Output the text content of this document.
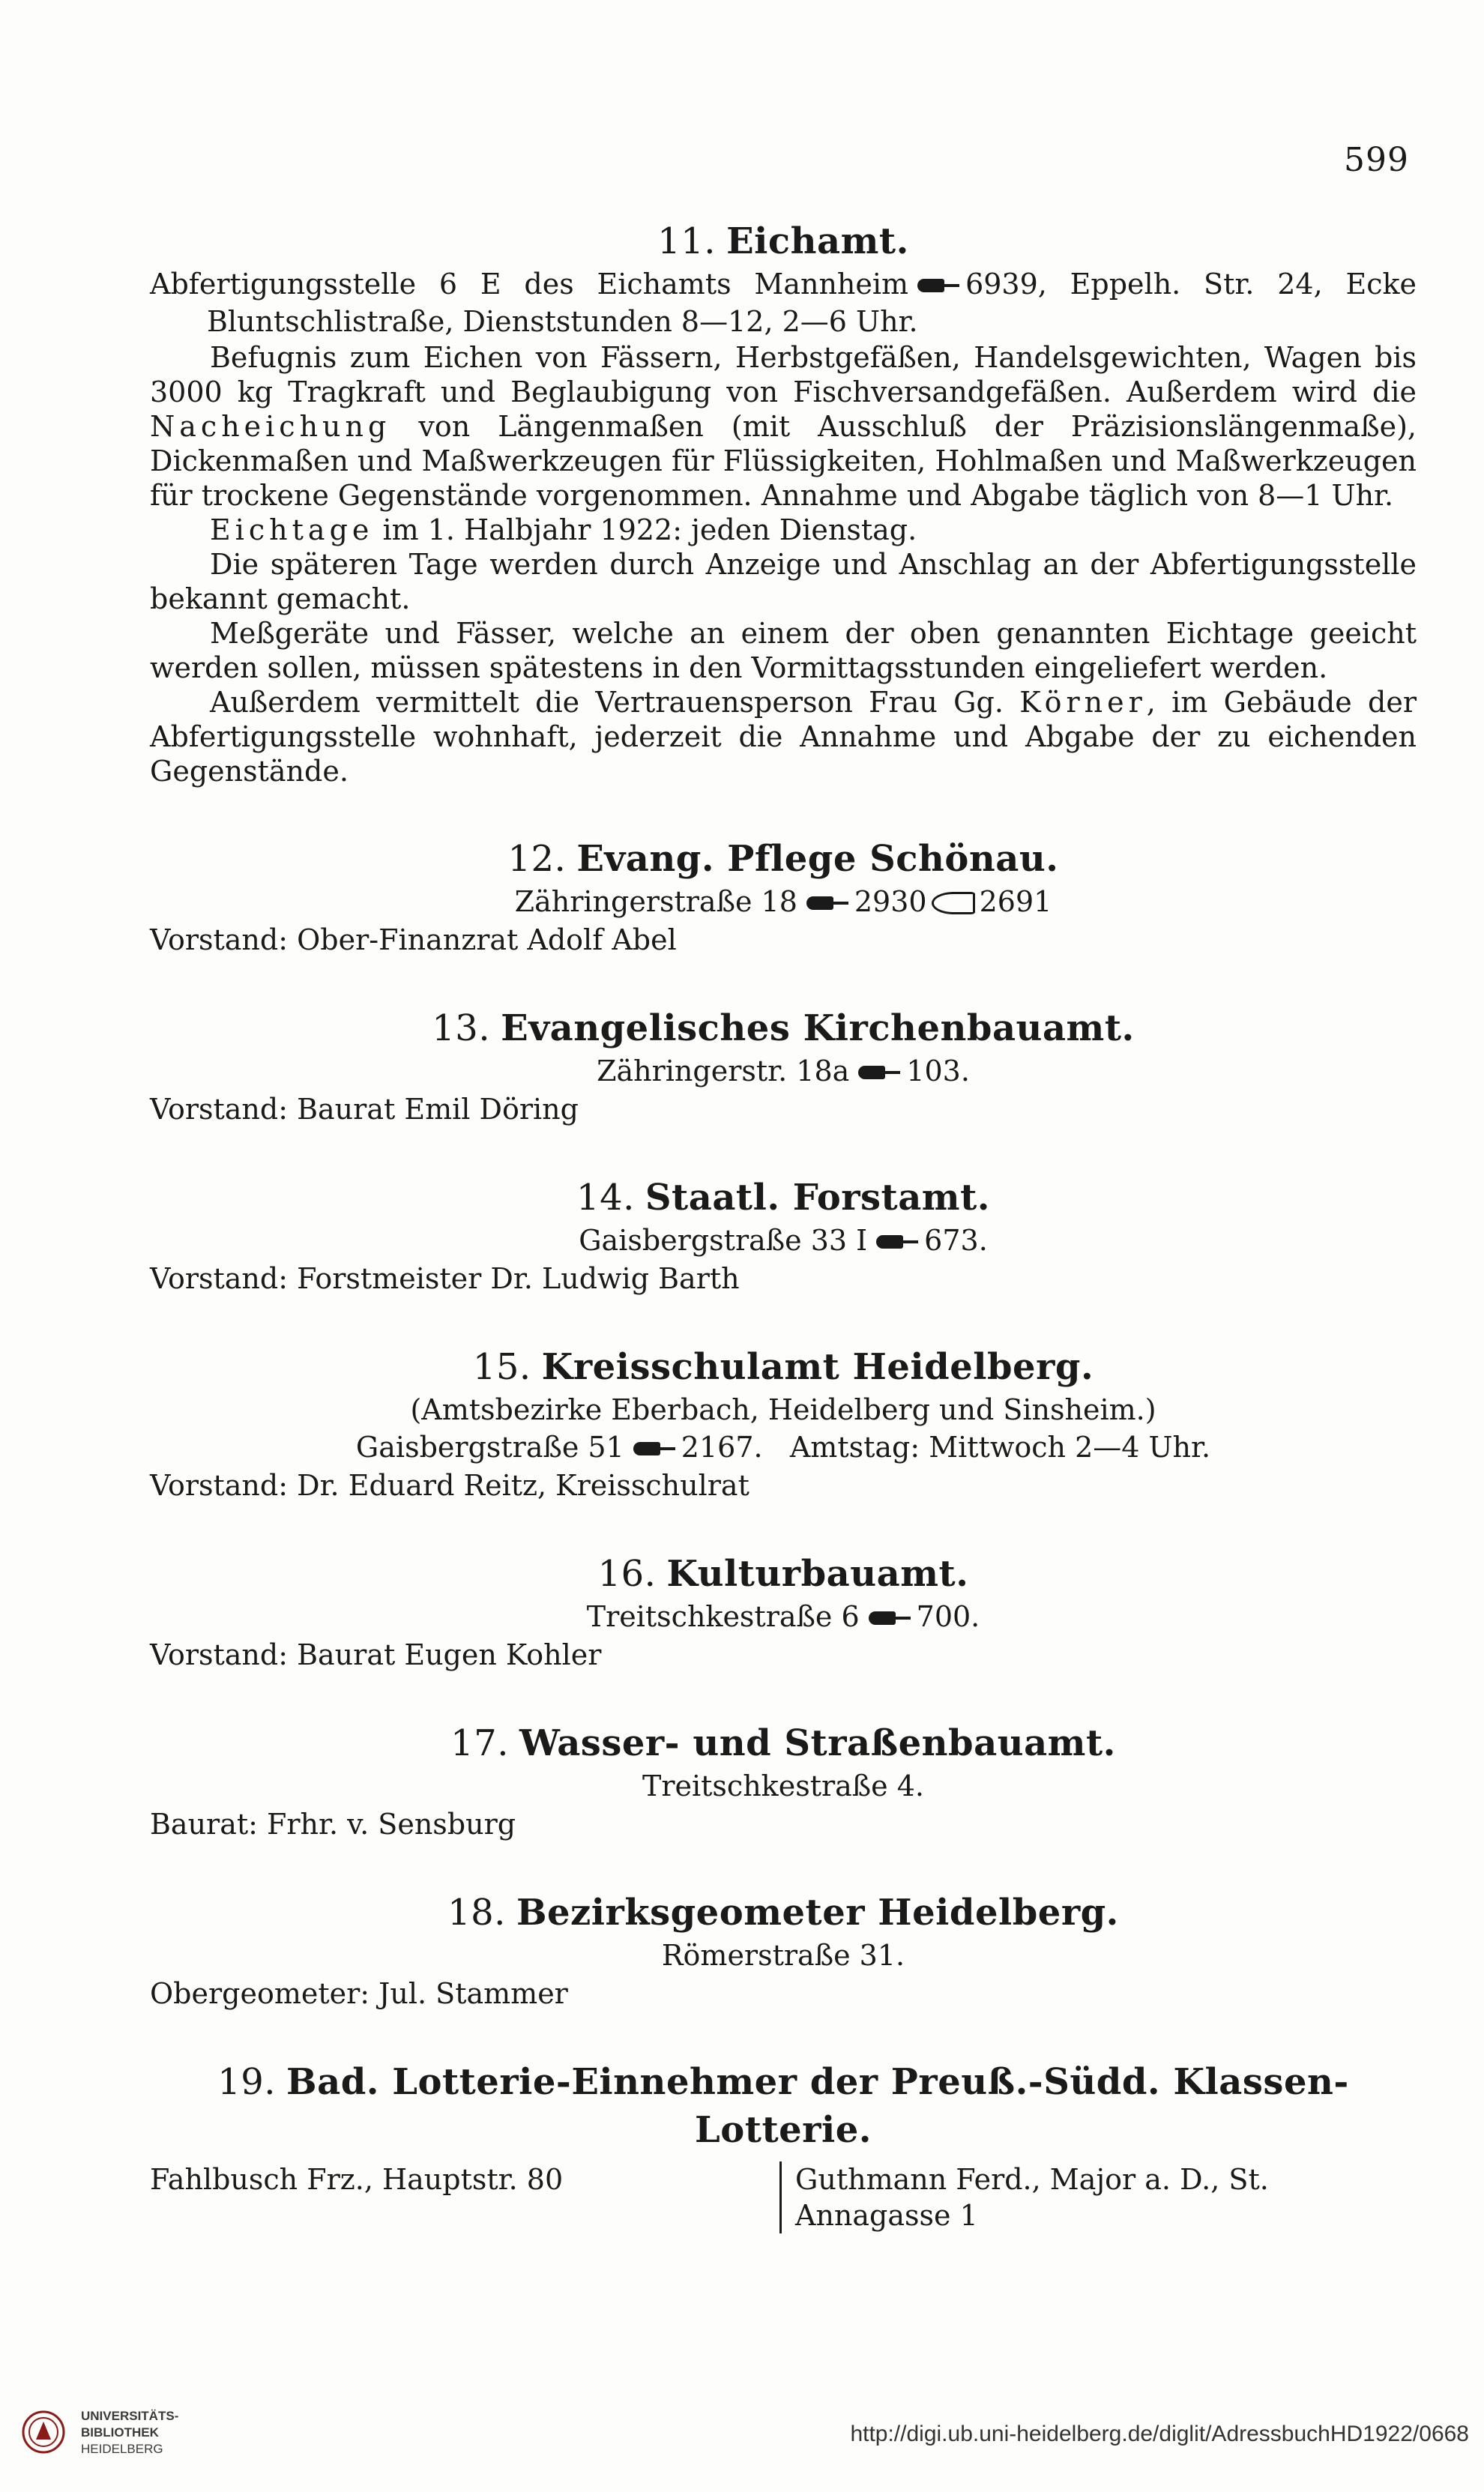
599
11. Eichamt.
Abfertigungsstelle 6 E des Eichamts Mannheim 6939, Eppelh. Str. 24, Ecke Bluntschlistraße, Dienststunden 8—12, 2—6 Uhr.

Befugnis zum Eichen von Fässern, Herbstgefäßen, Handelsgewichten, Wagen bis 3000 kg Tragkraft und Beglaubigung von Fischversandgefäßen. Außerdem wird die Nacheichung von Längenmaßen (mit Ausschluß der Präzisionslängenmaße), Dickenmaßen und Maßwerkzeugen für Flüssigkeiten, Hohlmaßen und Maßwerkzeugen für trockene Gegenstände vorgenommen. Annahme und Abgabe täglich von 8—1 Uhr.

Eichtage im 1. Halbjahr 1922: jeden Dienstag.

Die späteren Tage werden durch Anzeige und Anschlag an der Abfertigungsstelle bekannt gemacht.

Meßgeräte und Fässer, welche an einem der oben genannten Eichtage geeicht werden sollen, müssen spätestens in den Vormittagsstunden eingeliefert werden.

Außerdem vermittelt die Vertrauensperson Frau Gg. Körner, im Gebäude der Abfertigungsstelle wohnhaft, jederzeit die Annahme und Abgabe der zu eichenden Gegenstände.

12. Evang. Pflege Schönau.
Zähringerstraße 18 2930 2691
Vorstand: Ober-Finanzrat Adolf Abel
13. Evangelisches Kirchenbauamt.
Zähringerstr. 18a 103.
Vorstand: Baurat Emil Döring
14. Staatl. Forstamt.
Gaisbergstraße 33 I 673.
Vorstand: Forstmeister Dr. Ludwig Barth
15. Kreisschulamt Heidelberg.
(Amtsbezirke Eberbach, Heidelberg und Sinsheim.)
Gaisbergstraße 51 2167. Amtstag: Mittwoch 2—4 Uhr.
Vorstand: Dr. Eduard Reitz, Kreisschulrat
16. Kulturbauamt.
Treitschkestraße 6 700.
Vorstand: Baurat Eugen Kohler
17. Wasser- und Straßenbauamt.
Treitschkestraße 4.
Baurat: Frhr. v. Sensburg
18. Bezirksgeometer Heidelberg.
Römerstraße 31.
Obergeometer: Jul. Stammer
19. Bad. Lotterie-Einnehmer der Preuß.-Südd. Klassen-Lotterie.
Fahlbusch Frz., Hauptstr. 80	Guthmann Ferd., Major a. D., St. Annagasse 1
UNIVERSITÄTS-
BIBLIOTHEK
HEIDELBERG
http://digi.ub.uni-heidelberg.de/diglit/AdressbuchHD1922/0668
